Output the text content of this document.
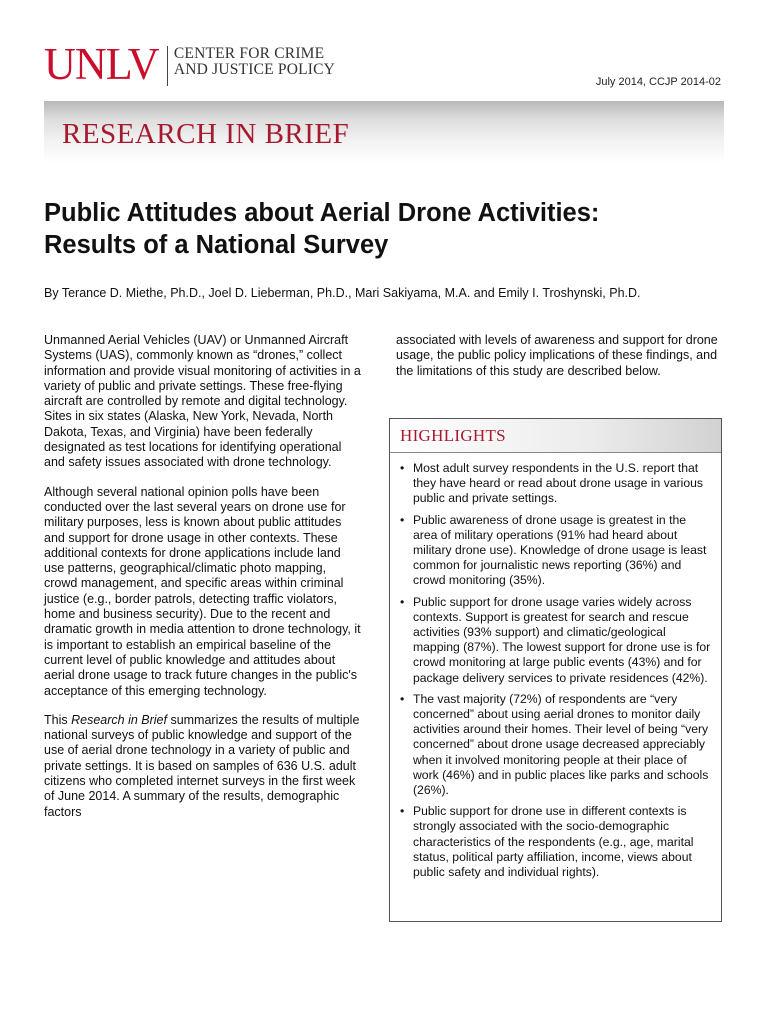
UNLV CENTER FOR CRIME
AND JUSTICE POLICY
July 2014, CCJP 2014-02
RESEARCH IN BRIEF
Public Attitudes about Aerial Drone Activities:
Results of a National Survey
By Terance D. Miethe, Ph.D., Joel D. Lieberman, Ph.D., Mari Sakiyama, M.A. and Emily I. Troshynski, Ph.D.

Unmanned Aerial Vehicles (UAV) or Unmanned Aircraft Systems (UAS), commonly known as “drones,” collect information and provide visual monitoring of activities in a variety of public and private settings. These free-flying aircraft are controlled by remote and digital technology. Sites in six states (Alaska, New York, Nevada, North Dakota, Texas, and Virginia) have been federally designated as test locations for identifying operational and safety issues associated with drone technology.

Although several national opinion polls have been conducted over the last several years on drone use for military purposes, less is known about public attitudes and support for drone usage in other contexts. These additional contexts for drone applications include land use patterns, geographical/climatic photo mapping, crowd management, and specific areas within criminal justice (e.g., border patrols, detecting traffic violators, home and business security). Due to the recent and dramatic growth in media attention to drone technology, it is important to establish an empirical baseline of the current level of public knowledge and attitudes about aerial drone usage to track future changes in the public's acceptance of this emerging technology.

This Research in Brief summarizes the results of multiple national surveys of public knowledge and support of the use of aerial drone technology in a variety of public and private settings. It is based on samples of 636 U.S. adult citizens who completed internet surveys in the first week of June 2014. A summary of the results, demographic factors

associated with levels of awareness and support for drone usage, the public policy implications of these findings, and the limitations of this study are described below.

HIGHLIGHTS
• Most adult survey respondents in the U.S. report that they have heard or read about drone usage in various public and private settings.
• Public awareness of drone usage is greatest in the area of military operations (91% had heard about military drone use). Knowledge of drone usage is least common for journalistic news reporting (36%) and crowd monitoring (35%).
• Public support for drone usage varies widely across contexts. Support is greatest for search and rescue activities (93% support) and climatic/geological mapping (87%). The lowest support for drone use is for crowd monitoring at large public events (43%) and for package delivery services to private residences (42%).
• The vast majority (72%) of respondents are “very concerned” about using aerial drones to monitor daily activities around their homes. Their level of being “very concerned” about drone usage decreased appreciably when it involved monitoring people at their place of work (46%) and in public places like parks and schools (26%).
• Public support for drone use in different contexts is strongly associated with the socio-demographic characteristics of the respondents (e.g., age, marital status, political party affiliation, income, views about public safety and individual rights).
